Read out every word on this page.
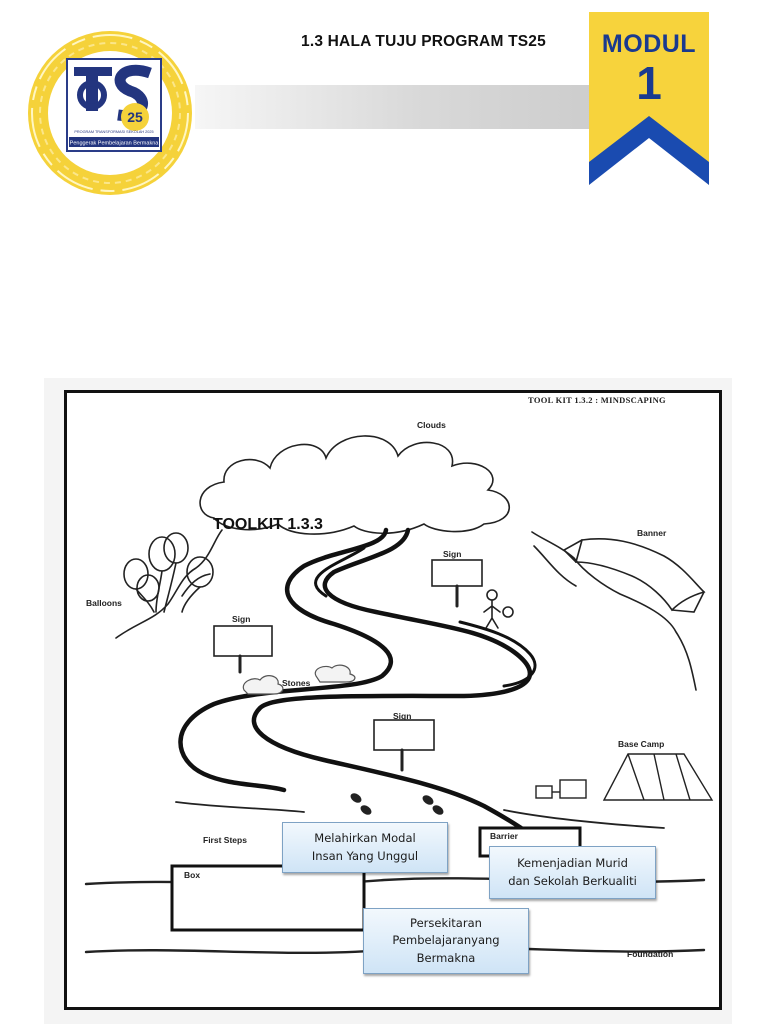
25
PROGRAM TRANSFORMASI SEKOLAH 2025
Penggerak Pembelajaran Bermakna
1.3 HALA TUJU PROGRAM TS25	MODUL
1
TOOL KIT 1.3.2 : MINDSCAPING
TOOLKIT 1.3.3
Clouds
Banner
Balloons
Sign
Sign
Sign
Stones
Base Camp
First Steps	Barrier
Box
Foundation
Melahirkan Modal
Insan Yang Unggul
Kemenjadian Murid
dan Sekolah Berkualiti
Persekitaran
Pembelajaranyang
Bermakna
